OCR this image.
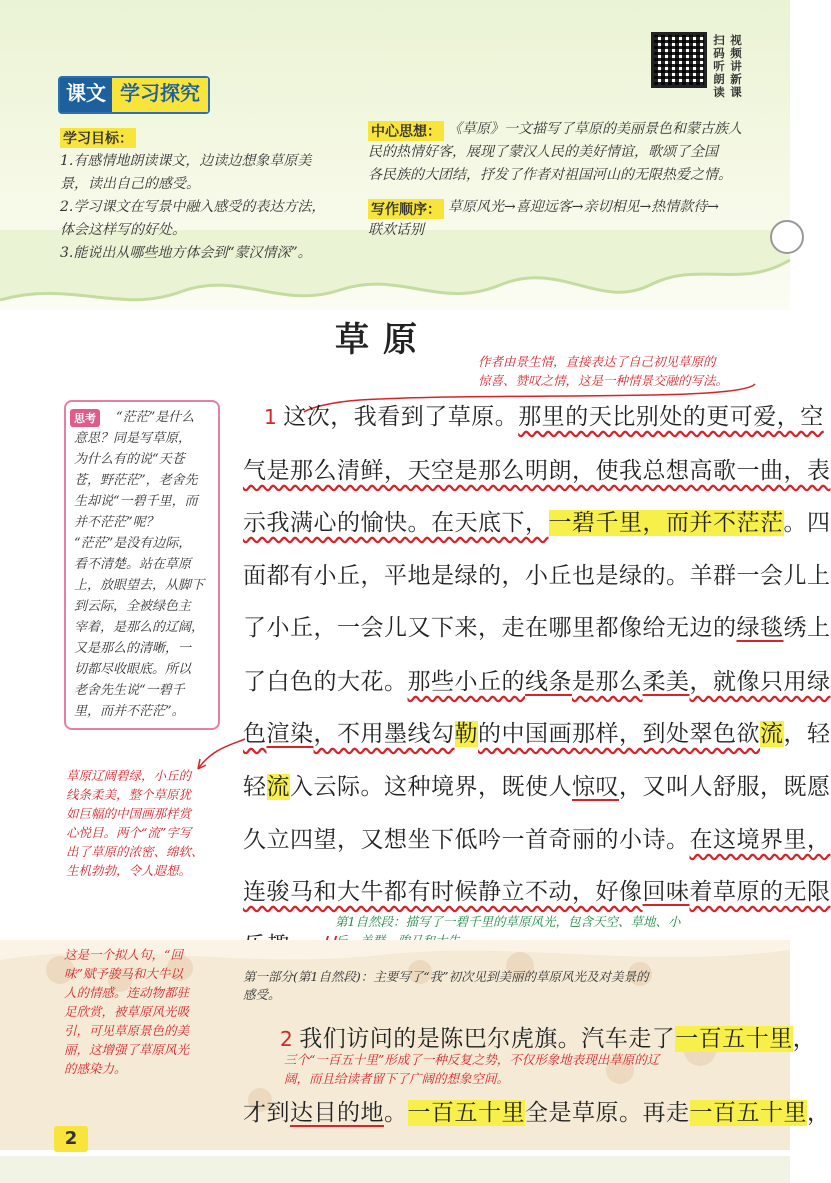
扫码听朗读
视频讲新课
课文 学习探究
学习目标：
1.有感情地朗读课文，边读边想象草原美
景，读出自己的感受。
2.学习课文在写景中融入感受的表达方法，
体会这样写的好处。
3.能说出从哪些地方体会到“蒙汉情深”。
中心思想： 《草原》一文描写了草原的美丽景色和蒙古族人
民的热情好客，展现了蒙汉人民的美好情谊，歌颂了全国
各民族的大团结，抒发了作者对祖国河山的无限热爱之情。
写作顺序： 草原风光→喜迎远客→亲切相见→热情款待→
联欢话别
草原
作者由景生情，直接表达了自己初见草原的
惊喜、赞叹之情，这是一种情景交融的写法。
思考	“茫茫”是什么
意思？同是写草原，
为什么有的说“天苍
苍，野茫茫”，老舍先
生却说“一碧千里，而
并不茫茫”呢？
“茫茫”是没有边际，
看不清楚。站在草原
上，放眼望去，从脚下
到云际，全被绿色主
宰着，是那么的辽阔，
又是那么的清晰，一
切都尽收眼底。所以
老舍先生说“一碧千
里，而并不茫茫”。
1 这次，我看到了草原。那里的天比别处的更可爱，空
气是那么清鲜，天空是那么明朗，使我总想高歌一曲，表
示我满心的愉快。在天底下，一碧千里，而并不茫茫。四
面都有小丘，平地是绿的，小丘也是绿的。羊群一会儿上
了小丘，一会儿又下来，走在哪里都像给无边的绿毯绣上
了白色的大花。那些小丘的线条是那么柔美，就像只用绿
色渲染，不用墨线勾勒的中国画那样，到处翠色欲流，轻
轻流入云际。这种境界，既使人惊叹，又叫人舒服，既愿
久立四望，又想坐下低吟一首奇丽的小诗。在这境界里，
连骏马和大牛都有时候静立不动，好像回味着草原的无限
草原辽阔碧绿，小丘的
线条柔美，整个草原犹
如巨幅的中国画那样赏
心悦目。两个“流”字写
出了草原的浓密、绵软、
生机勃勃，令人遐想。
第1自然段：描写了一碧千里的草原风光，包含天空、草地、小
这是一个拟人句，“回
味”赋予骏马和大牛以
人的情感。连动物都驻
足欣赏，被草原风光吸
引，可见草原景色的美
丽，这增强了草原风光
的感染力。
第一部分(第1自然段)：主要写了“我”初次见到美丽的草原风光及对美景的
感受。
2 我们访问的是陈巴尔虎旗。汽车走了一百五十里，
三个“一百五十里”形成了一种反复之势，不仅形象地表现出草原的辽
阔，而且给读者留下了广阔的想象空间。
才到达目的地。一百五十里全是草原。再走一百五十里，
2
